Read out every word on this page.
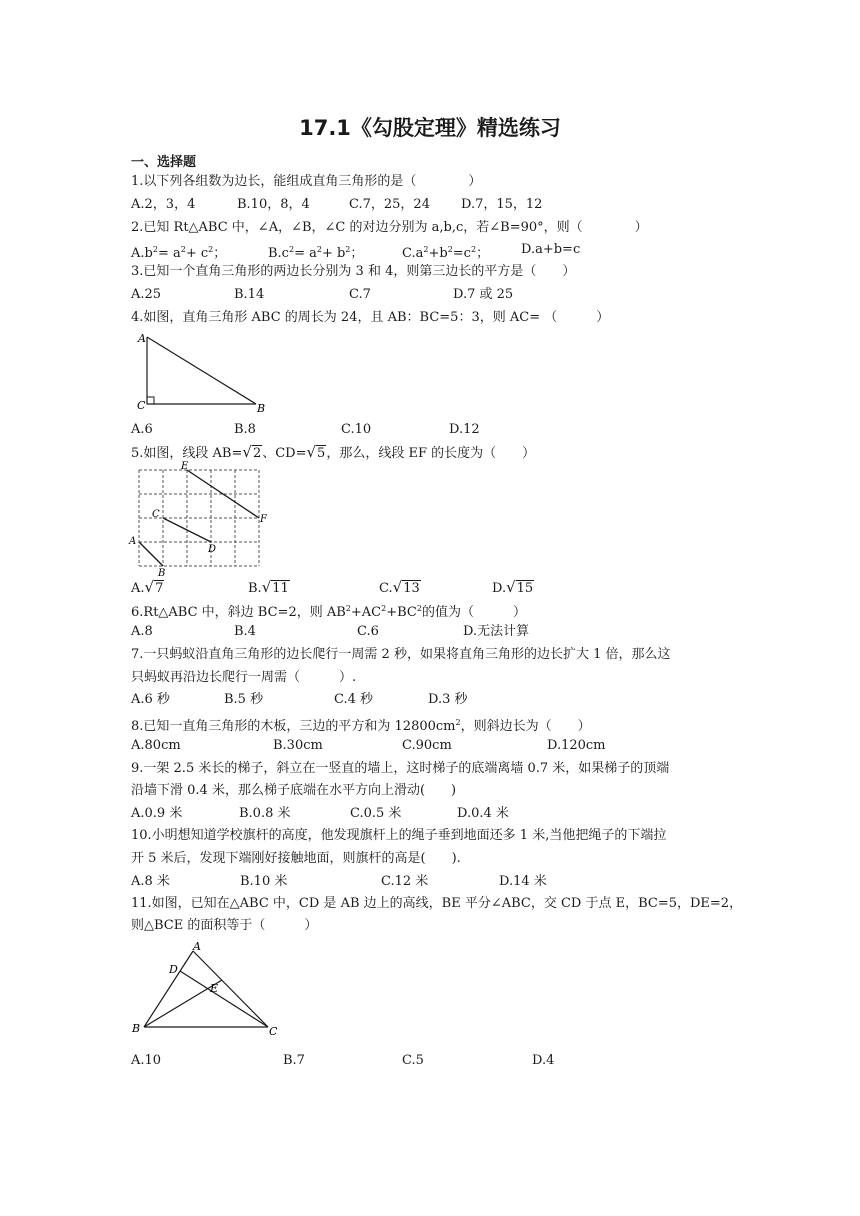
17.1《勾股定理》精选练习
一、选择题
1.以下列各组数为边长，能组成直角三角形的是（　　　　）
A.2，3，4	B.10，8，4	C.7，25，24 D.7，15，12
2.已知 Rt△ABC 中，∠A，∠B，∠C 的对边分别为 a,b,c，若∠B=90°，则（　　　　）
$A.b^2= a^2+ c^2$；	$B.c^2= a^2+ b^2$；	$C.a^2+b^2=c^2$； D.a+b=c
3.已知一个直角三角形的两边长分别为 3 和 4，则第三边长的平方是（　　）
A.25	B.14	C.7	D.7 或 25
4.如图，直角三角形 ABC 的周长为 24，且 AB：BC=5：3，则 AC= （　　　）
A
C	B
A.6	B.8	C.10	D.12
5.如图，线段 AB=√2、CD=√5，那么，线段 EF 的长度为（　　）
E
F
C
D
A
B
A.√7	B.√11	C.√13	D.√15
6.Rt△ABC 中，斜边 BC=2，则 $AB^2+AC^2+BC^2$的值为（　　　）
A.8	B.4	C.6	D.无法计算
7.一只蚂蚁沿直角三角形的边长爬行一周需 2 秒，如果将直角三角形的边长扩大 1 倍，那么这
只蚂蚁再沿边长爬行一周需（　　　）.
A.6 秒	B.5 秒	C.4 秒	D.3 秒
8.已知一直角三角形的木板，三边的平方和为 $12800cm^2$，则斜边长为（　　）
A.80cm	B.30cm	C.90cm	D.120cm
9.一架 2.5 米长的梯子，斜立在一竖直的墙上，这时梯子的底端离墙 0.7 米，如果梯子的顶端
沿墙下滑 0.4 米，那么梯子底端在水平方向上滑动(　　)
A.0.9 米	B.0.8 米	C.0.5 米	D.0.4 米
10.小明想知道学校旗杆的高度，他发现旗杆上的绳子垂到地面还多 1 米,当他把绳子的下端拉
开 5 米后，发现下端刚好接触地面，则旗杆的高是(　　).
A.8 米	B.10 米	C.12 米	D.14 米
11.如图，已知在△ABC 中，CD 是 AB 边上的高线，BE 平分∠ABC，交 CD 于点 E，BC=5，DE=2，
则△BCE 的面积等于（　　　）
A
D
E
B	C
A.10	B.7	C.5	D.4
